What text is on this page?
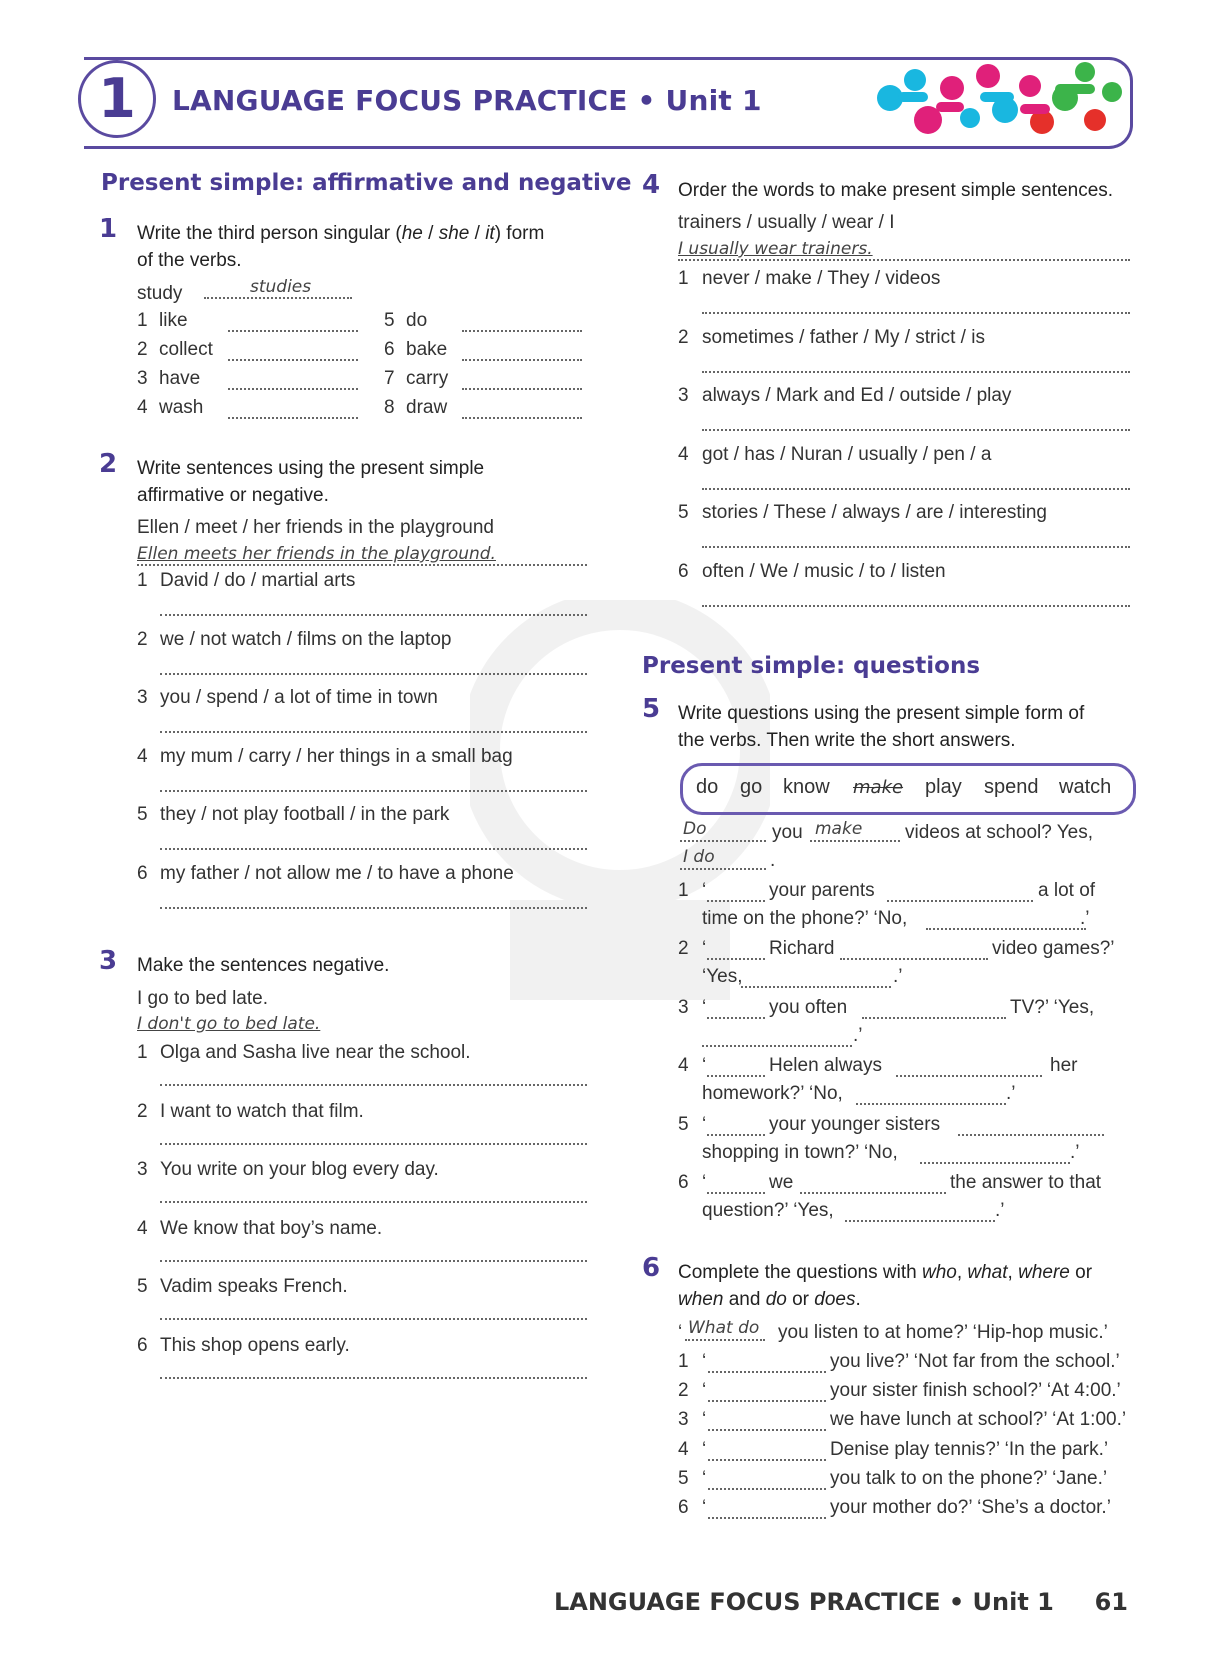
1	LANGUAGE FOCUS PRACTICE • Unit 1
Present simple: affirmative and negative
1 Write the third person singular (he / she / it) form
of the verbs.
study	studies
1 like
2 collect
3 have
4 wash
5 do
6 bake
7 carry
8 draw
2 Write sentences using the present simple
affirmative or negative.
Ellen / meet / her friends in the playground
Ellen meets her friends in the playground.
1 David / do / martial arts
2 we / not watch / films on the laptop
3 you / spend / a lot of time in town
4 my mum / carry / her things in a small bag
5 they / not play football / in the park
6 my father / not allow me / to have a phone
3 Make the sentences negative.
I go to bed late.
I don't go to bed late.
1 Olga and Sasha live near the school.
2 I want to watch that film.
3 You write on your blog every day.
4 We know that boy’s name.
5 Vadim speaks French.
6 This shop opens early.
4 Order the words to make present simple sentences.
trainers / usually / wear / I
I usually wear trainers.
1 never / make / They / videos
2 sometimes / father / My / strict / is
3 always / Mark and Ed / outside / play
4 got / has / Nuran / usually / pen / a
5 stories / These / always / are / interesting
6 often / We / music / to / listen
Present simple: questions
5 Write questions using the present simple form of
the verbs. Then write the short answers.
do go know make play spend watch
Do	you make videos at school? Yes,
I do	.
1 ‘	your parents	a lot of
time on the phone?’ ‘No,	.’
2 ‘	Richard	video games?’
‘Yes,	.’
3 ‘	you often	TV?’ ‘Yes,
.’
4 ‘	Helen always	her
homework?’ ‘No,	.’
5 ‘	your younger sisters
shopping in town?’ ‘No,	.’
6 ‘	we	the answer to that
question?’ ‘Yes,	.’
6 Complete the questions with who, what, where or
when and do or does.
‘ What do you listen to at home?’ ‘Hip-hop music.’
1 ‘	you live?’ ‘Not far from the school.’
2 ‘	your sister finish school?’ ‘At 4:00.’
3 ‘	we have lunch at school?’ ‘At 1:00.’
4 ‘	Denise play tennis?’ ‘In the park.’
5 ‘	you talk to on the phone?’ ‘Jane.’
6 ‘	your mother do?’ ‘She’s a doctor.’
LANGUAGE FOCUS PRACTICE • Unit 1 61
